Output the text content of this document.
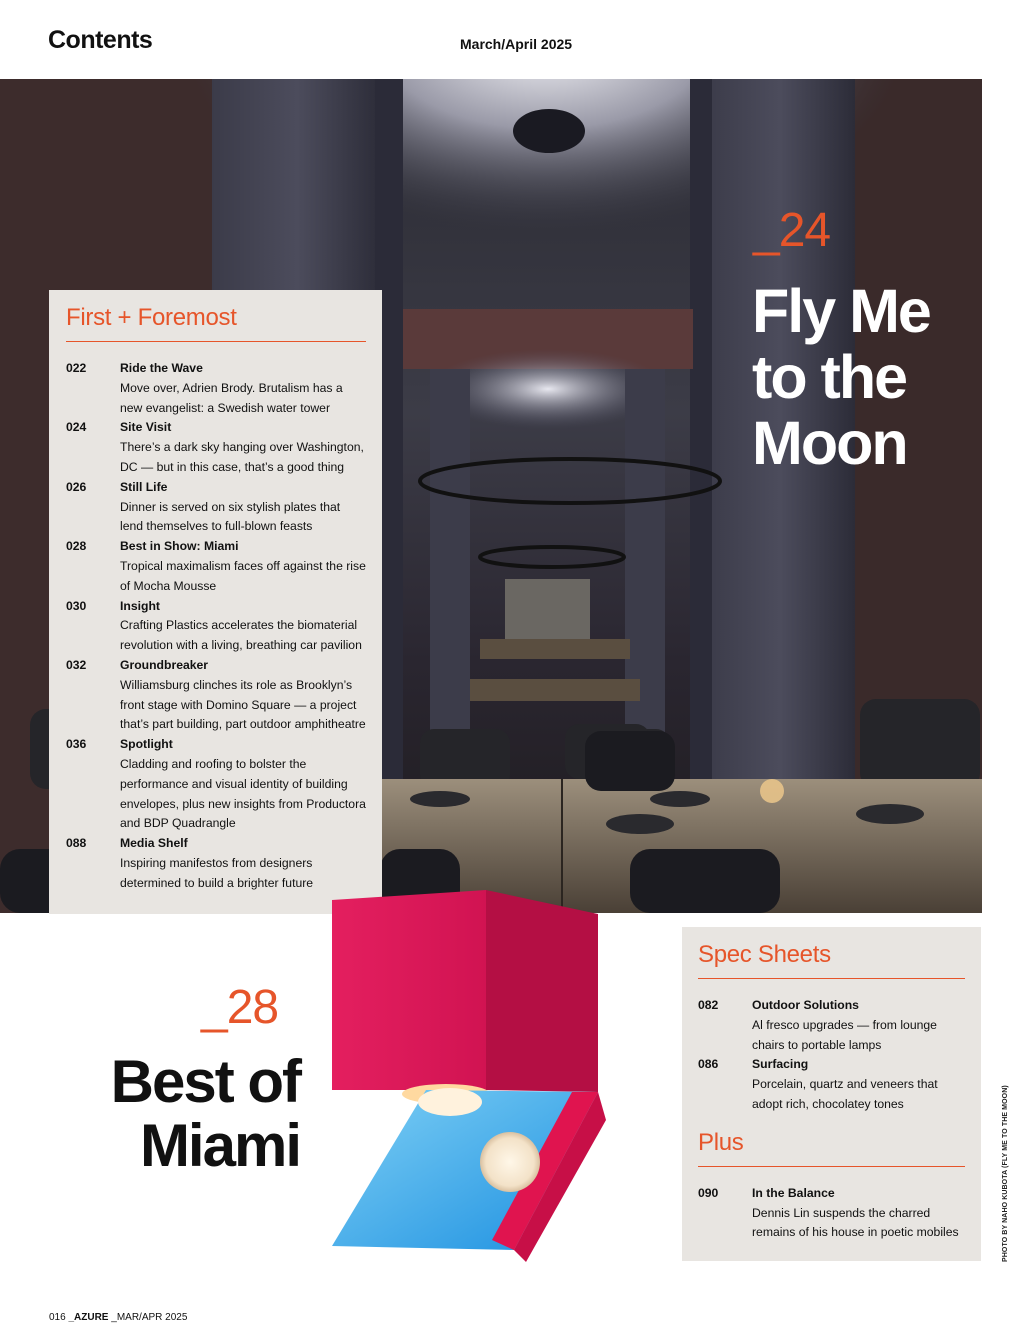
Contents	March/April 2025
_24
Fly Me to the Moon
First + Foremost
022	Ride the Wave
Move over, Adrien Brody. Brutalism has a new evangelist: a Swedish water tower
024	Site Visit
There’s a dark sky hanging over Washington, DC — but in this case, that’s a good thing
026	Still Life
Dinner is served on six stylish plates that lend themselves to full-blown feasts
028	Best in Show: Miami
Tropical maximalism faces off against the rise of Mocha Mousse
030	Insight
Crafting Plastics accelerates the biomaterial revolution with a living, breathing car pavilion
032	Groundbreaker
Williamsburg clinches its role as Brooklyn’s front stage with Domino Square — a project that’s part building, part outdoor amphitheatre
036	Spotlight
Cladding and roofing to bolster the performance and visual identity of building envelopes, plus new insights from Productora and BDP Quadrangle
088	Media Shelf
Inspiring manifestos from designers determined to build a brighter future
_28
Best of Miami
Spec Sheets
082	Outdoor Solutions
Al fresco upgrades — from lounge chairs to portable lamps
086	Surfacing
Porcelain, quartz and veneers that adopt rich, chocolatey tones
Plus
090	In the Balance
Dennis Lin suspends the charred remains of his house in poetic mobiles	PHOTO BY NAHO KUBOTA (FLY ME TO THE MOON)
016 _AZURE _MAR/APR 2025
